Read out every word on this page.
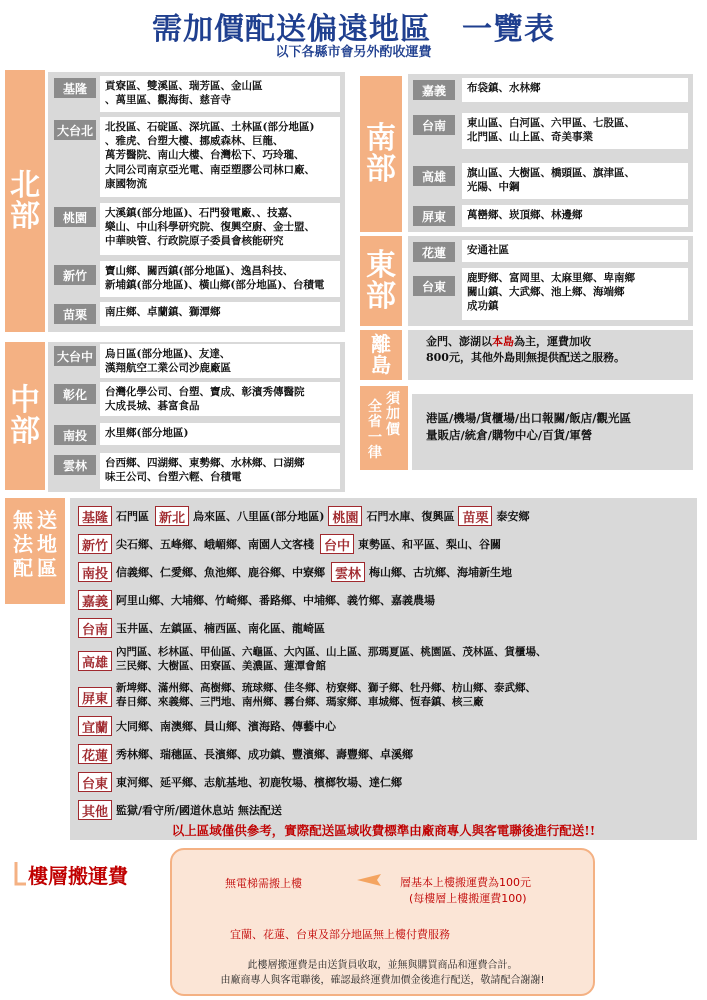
需加價配送偏遠地區　一覽表
以下各縣市會另外酌收運費
北
部
基隆	貢寮區、雙溪區、瑞芳區、金山區
、萬里區、觀海街、慈音寺
大台北	北投區、石碇區、深坑區、土林區(部分地區)
、雅虎、台塑大樓、挪威森林、巨龍、
萬芳醫院、南山大樓、台灣松下、巧玲瓏、
大同公司南京亞光電、南亞塑膠公司林口廠、
康國物流
桃園	大溪鎮(部分地區)、石門發電廠、、技嘉、
樂山、中山科學研究院、復興空廚、金士盟、
中華映管、行政院原子委員會核能研究
新竹	寶山鄉、關西鎮(部分地區)、逸昌科技、
新埔鎮(部分地區)、橫山鄉(部分地區)、台積電
苗栗	南庄鄉、卓蘭鎮、獅潭鄉
中
部
大台中	烏日區(部分地區)、友達、
漢翔航空工業公司沙鹿廠區
彰化	台灣化學公司、台塑、寶成、彰濱秀傳醫院
大成長城、碁富食品
南投	水里鄉(部分地區)
雲林	台西鄉、四湖鄉、東勢鄉、水林鄉、口湖鄉
味王公司、台塑六輕、台積電
南
部
嘉義	布袋鎮、水林鄉
台南	東山區、白河區、六甲區、七股區、
北門區、山上區、奇美事業
高雄	旗山區、大樹區、橋頭區、旗津區、
光陽、中鋼
屏東	萬巒鄉、崁頂鄉、林邊鄉
東
部
花蓮	安通社區
台東
鹿野鄉、富岡里、太麻里鄉、卑南鄉
關山鎮、大武鄉、池上鄉、海端鄉
成功鎮
離
島
金門、澎湖以本島為主，運費加收
800元，其他外島則無提供配送之服務。
全
省
一
律
須
加
價
港區/機場/貨櫃場/出口報關/飯店/觀光區
量販店/統倉/購物中心/百貨/軍營
無
法
配
送
地
區
基隆 石門區 新北 烏來區、八里區(部分地區) 桃園 石門水庫、復興區 苗栗 泰安鄉
新竹 尖石鄉、五峰鄉、峨嵋鄉、南園人文客棧 台中 東勢區、和平區、梨山、谷關
南投 信義鄉、仁愛鄉、魚池鄉、鹿谷鄉、中寮鄉 雲林 梅山鄉、古坑鄉、海埔新生地
嘉義 阿里山鄉、大埔鄉、竹崎鄉、番路鄉、中埔鄉、義竹鄉、嘉義農場
台南 玉井區、左鎮區、楠西區、南化區、龍崎區
高雄
內門區、杉林區、甲仙區、六龜區、大內區、山上區、那瑪夏區、桃園區、茂林區、貨櫃場、
三民鄉、大樹區、田寮區、美濃區、蓮潭會館
屏東
新埤鄉、滿州鄉、高樹鄉、琉球鄉、佳冬鄉、枋寮鄉、獅子鄉、牡丹鄉、枋山鄉、泰武鄉、
春日鄉、來義鄉、三門地、南州鄉、霧台鄉、瑪家鄉、車城鄉、恆春鎮、核三廠
宜蘭 大同鄉、南澳鄉、員山鄉、濱海路、傳藝中心
花蓮 秀林鄉、瑞穗區、長濱鄉、成功鎮、豐濱鄉、壽豐鄉、卓溪鄉
台東 東河鄉、延平鄉、志航基地、初鹿牧場、檳榔牧場、達仁鄉
其他 監獄/看守所/國道休息站 無法配送
以上區域僅供參考，實際配送區域收費標準由廠商專人與客電聯後進行配送!!
樓層搬運費	無電梯需搬上樓	層基本上樓搬運費為100元
(每樓層上樓搬運費100)
宜蘭、花蓮、台東及部分地區無上樓付費服務
此樓層搬運費是由送貨員收取，並無與購買商品和運費合計。
由廠商專人與客電聯後，確認最終運費加價金後進行配送，敬請配合謝謝!
